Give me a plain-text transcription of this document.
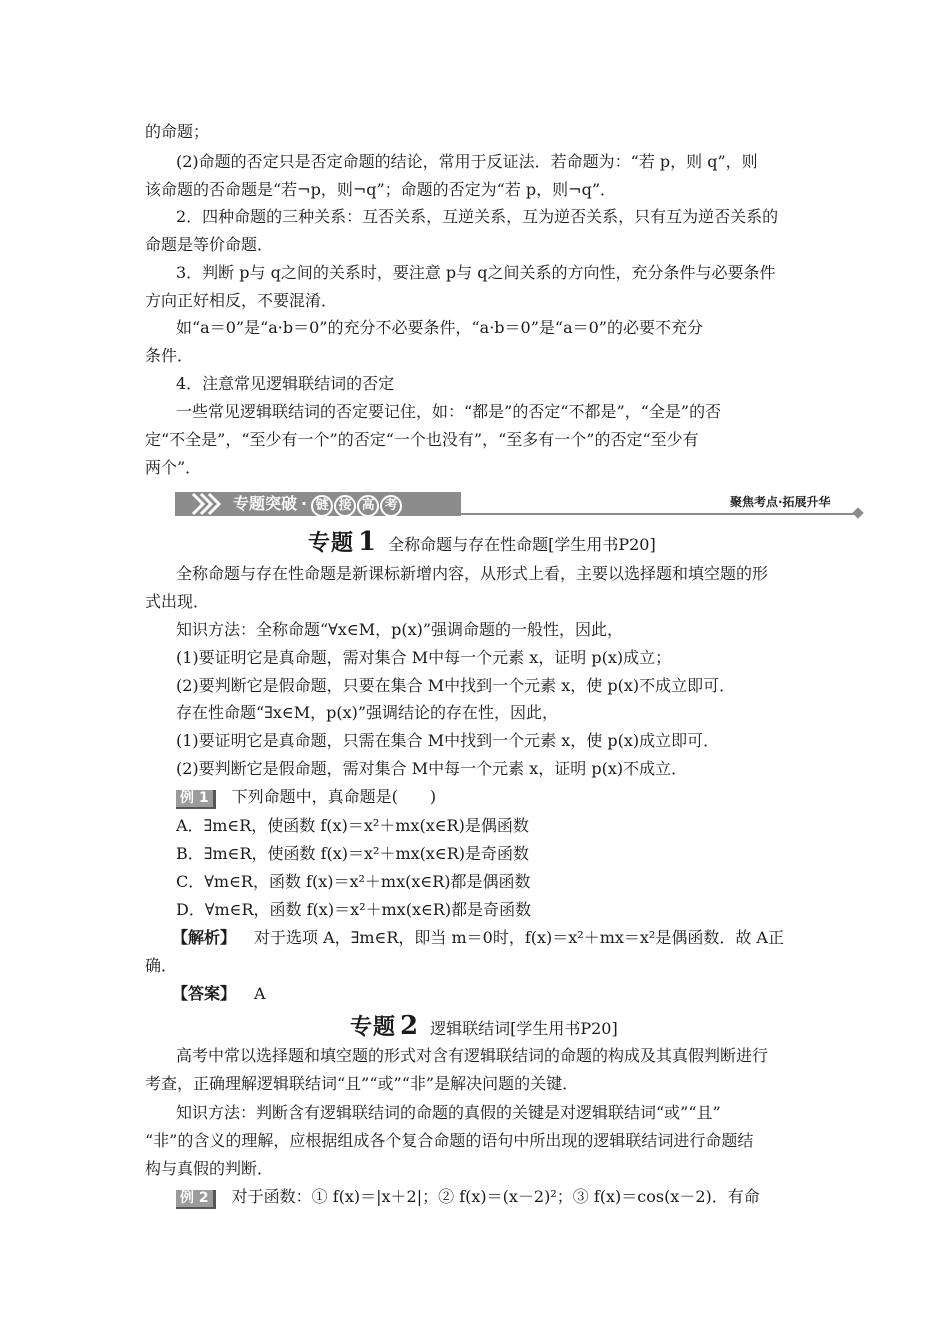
的命题；
(2)命题的否定只是否定命题的结论，常用于反证法．若命题为：“若 p，则 q”，则
该命题的否命题是“若¬p，则¬q”；命题的否定为“若 p，则¬q”．
2．四种命题的三种关系：互否关系，互逆关系，互为逆否关系，只有互为逆否关系的
命题是等价命题．
3．判断 p与 q之间的关系时，要注意 p与 q之间关系的方向性，充分条件与必要条件
方向正好相反，不要混淆．
如“a＝0”是“a·b＝0”的充分不必要条件，“a·b＝0”是“a＝0”的必要不充分
条件．
4．注意常见逻辑联结词的否定
一些常见逻辑联结词的否定要记住，如：“都是”的否定“不都是”，“全是”的否
定“不全是”，“至少有一个”的否定“一个也没有”，“至多有一个”的否定“至少有
两个”．
专题突破 · 链 接 高 考	聚焦考点·拓展升华
专题 1 全称命题与存在性命题[学生用书P20]
全称命题与存在性命题是新课标新增内容，从形式上看，主要以选择题和填空题的形
式出现．
知识方法：全称命题“∀x∈M，p(x)”强调命题的一般性，因此，
(1)要证明它是真命题，需对集合 M中每一个元素 x，证明 p(x)成立；
(2)要判断它是假命题，只要在集合 M中找到一个元素 x，使 p(x)不成立即可．
存在性命题“∃x∈M，p(x)”强调结论的存在性，因此，
(1)要证明它是真命题，只需在集合 M中找到一个元素 x，使 p(x)成立即可．
(2)要判断它是假命题，需对集合 M中每一个元素 x，证明 p(x)不成立．
例 1 下列命题中，真命题是(　　)
A．∃m∈R，使函数 f(x)＝x²＋mx(x∈R)是偶函数
B．∃m∈R，使函数 f(x)＝x²＋mx(x∈R)是奇函数
C．∀m∈R，函数 f(x)＝x²＋mx(x∈R)都是偶函数
D．∀m∈R，函数 f(x)＝x²＋mx(x∈R)都是奇函数
【解析】 对于选项 A，∃m∈R，即当 m＝0时，f(x)＝x²＋mx＝x²是偶函数．故 A正
确．
【答案】 A
专题 2 逻辑联结词[学生用书P20]
高考中常以选择题和填空题的形式对含有逻辑联结词的命题的构成及其真假判断进行
考查，正确理解逻辑联结词“且”“或”“非”是解决问题的关键．
知识方法：判断含有逻辑联结词的命题的真假的关键是对逻辑联结词“或”“且”
“非”的含义的理解，应根据组成各个复合命题的语句中所出现的逻辑联结词进行命题结
构与真假的判断．
例 2 对于函数：① f(x)＝|x＋2|；② f(x)＝(x－2)²；③ f(x)＝cos(x－2)．有命
